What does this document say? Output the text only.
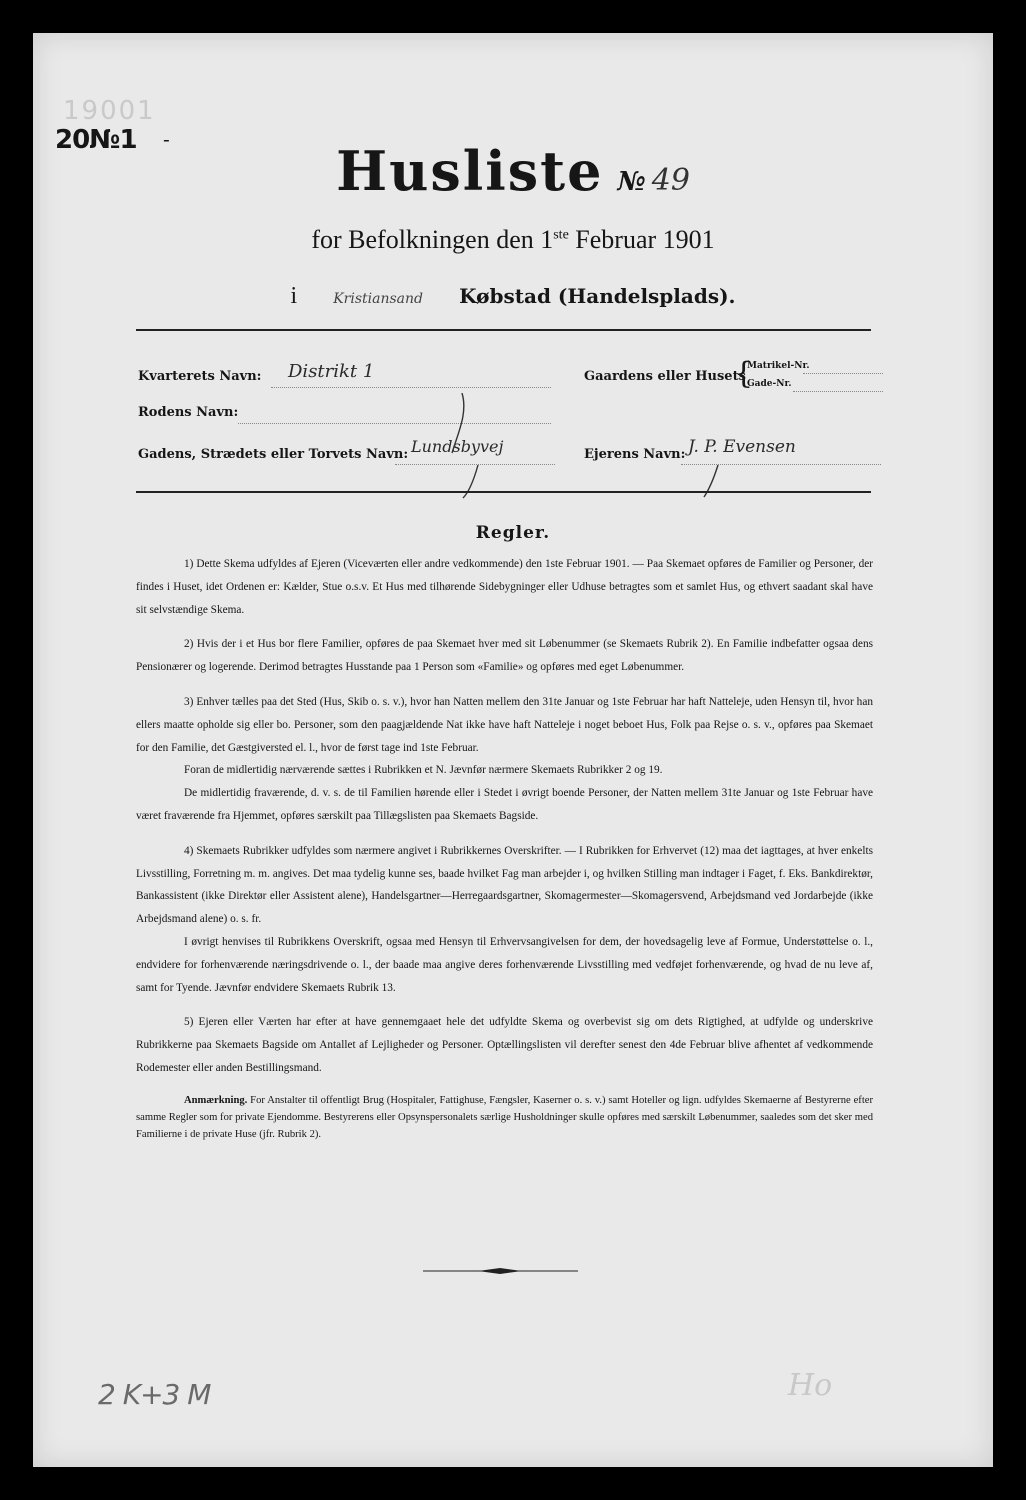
19001
20№1 -	Husliste № 49
for Befolkningen den 1ste Februar 1901
i	Kristiansand Købstad (Handelsplads).
Kvarterets Navn: Distrikt 1	Gaardens eller Husets
{
Matrikel-Nr.
Gade-Nr.
Rodens Navn:
Gadens, Strædets eller Torvets Navn: Lundsbyvej	Ejerens Navn: J. P. Evensen
Regler.

1) Dette Skema udfyldes af Ejeren (Viceværten eller andre vedkommende) den 1ste Februar 1901. — Paa Skemaet opføres de Familier og Personer, der findes i Huset, idet Ordenen er: Kælder, Stue o.s.v. Et Hus med tilhørende Sidebygninger eller Udhuse betragtes som et samlet Hus, og ethvert saadant skal have sit selvstændige Skema.

2) Hvis der i et Hus bor flere Familier, opføres de paa Skemaet hver med sit Løbenummer (se Skemaets Rubrik 2). En Familie indbefatter ogsaa dens Pensionærer og logerende. Derimod betragtes Husstande paa 1 Person som «Familie» og opføres med eget Løbenummer.

3) Enhver tælles paa det Sted (Hus, Skib o. s. v.), hvor han Natten mellem den 31te Januar og 1ste Februar har haft Natteleje, uden Hensyn til, hvor han ellers maatte opholde sig eller bo. Personer, som den paagjældende Nat ikke have haft Natteleje i noget beboet Hus, Folk paa Rejse o. s. v., opføres paa Skemaet for den Familie, det Gæstgiversted el. l., hvor de først tage ind 1ste Februar.

Foran de midlertidig nærværende sættes i Rubrikken et N. Jævnfør nærmere Skemaets Rubrikker 2 og 19.

De midlertidig fraværende, d. v. s. de til Familien hørende eller i Stedet i øvrigt boende Personer, der Natten mellem 31te Januar og 1ste Februar have været fraværende fra Hjemmet, opføres særskilt paa Tillægslisten paa Skemaets Bagside.

4) Skemaets Rubrikker udfyldes som nærmere angivet i Rubrikkernes Overskrifter. — I Rubrikken for Erhvervet (12) maa det iagttages, at hver enkelts Livsstilling, Forretning m. m. angives. Det maa tydelig kunne ses, baade hvilket Fag man arbejder i, og hvilken Stilling man indtager i Faget, f. Eks. Bankdirektør, Bankassistent (ikke Direktør eller Assistent alene), Handelsgartner—Herregaardsgartner, Skomagermester—Skomagersvend, Arbejdsmand ved Jordarbejde (ikke Arbejdsmand alene) o. s. fr.

I øvrigt henvises til Rubrikkens Overskrift, ogsaa med Hensyn til Erhvervsangivelsen for dem, der hovedsagelig leve af Formue, Understøttelse o. l., endvidere for forhenværende næringsdrivende o. l., der baade maa angive deres forhenværende Livsstilling med vedføjet forhenværende, og hvad de nu leve af, samt for Tyende. Jævnfør endvidere Skemaets Rubrik 13.

5) Ejeren eller Værten har efter at have gennemgaaet hele det udfyldte Skema og overbevist sig om dets Rigtighed, at udfylde og underskrive Rubrikkerne paa Skemaets Bagside om Antallet af Lejligheder og Personer. Optællingslisten vil derefter senest den 4de Februar blive afhentet af vedkommende Rodemester eller anden Bestillingsmand.

Anmærkning. For Anstalter til offentligt Brug (Hospitaler, Fattighuse, Fængsler, Kaserner o. s. v.) samt Hoteller og lign. udfyldes Skemaerne af Bestyrerne efter samme Regler som for private Ejendomme. Bestyrerens eller Opsynspersonalets særlige Husholdninger skulle opføres med særskilt Løbenummer, saaledes som det sker med Familierne i de private Huse (jfr. Rubrik 2).

2 K+3 M	Ho
